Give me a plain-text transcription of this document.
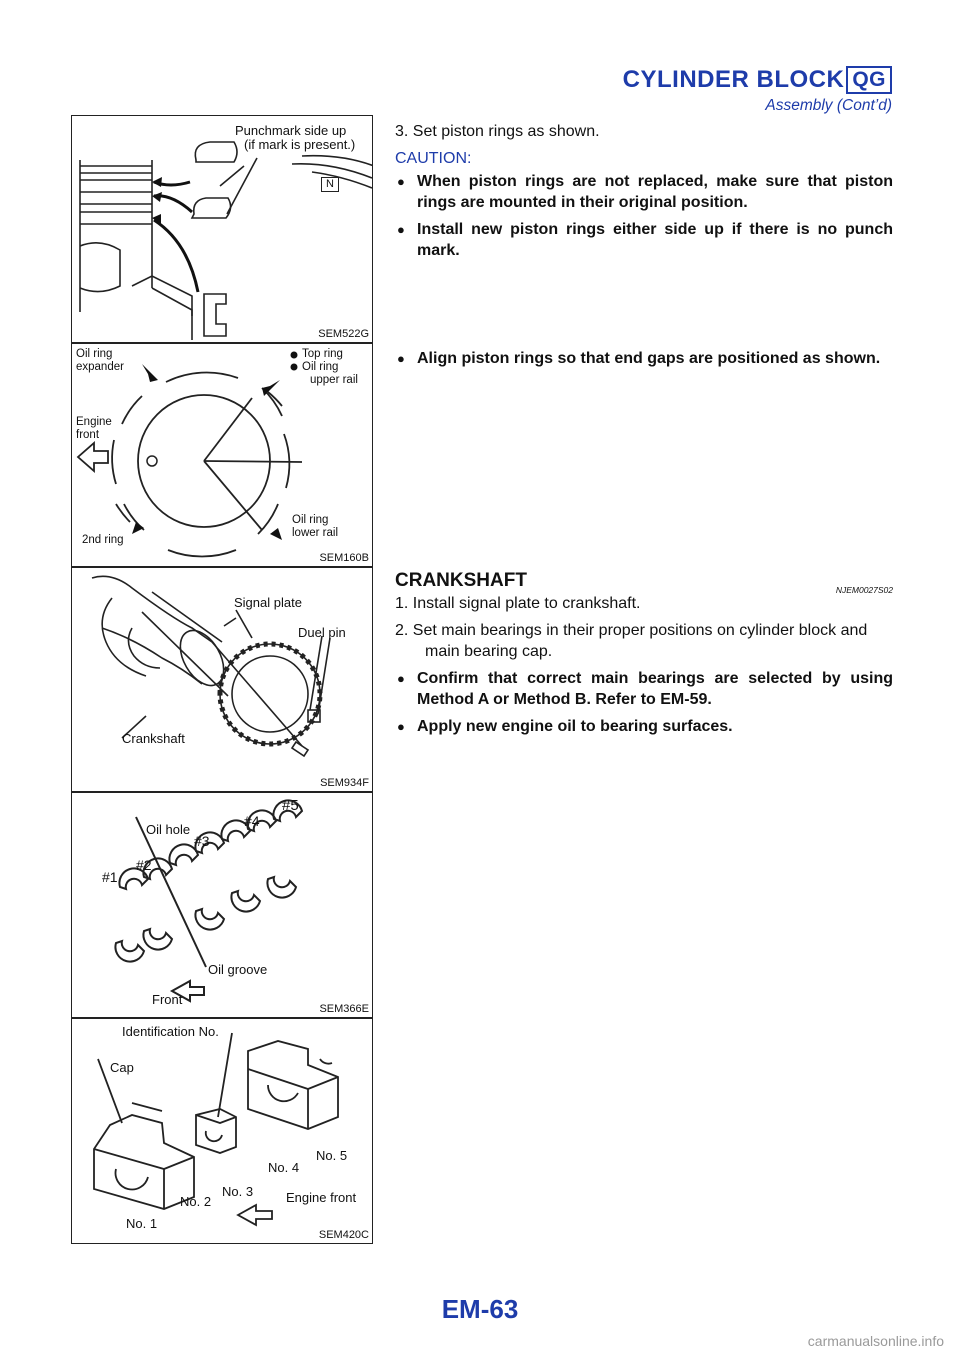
CYLINDER BLOCK QG
Assembly (Cont’d)
Punchmark side up
(if mark is present.)
N
SEM522G
Oil ring
expander
Top ring
Oil ring
upper rail
Engine
front
Oil ring
lower rail
2nd ring
SEM160B
Signal plate
Duel pin
Crankshaft
SEM934F
#5
#4
Oil hole
#3
#2
#1
Oil groove
Front
SEM366E
Identification No.
Cap
No. 5
No. 4
No. 3
No. 2	Engine front
No. 1
SEM420C

3. Set piston rings as shown.

CAUTION:
● When piston rings are not replaced, make sure that piston rings are mounted in their original position.
● Install new piston rings either side up if there is no punch mark.
● Align piston rings so that end gaps are positioned as shown.
CRANKSHAFT	NJEM0027S02

1. Install signal plate to crankshaft.

2. Set main bearings in their proper positions on cylinder block and main bearing cap.

● Confirm that correct main bearings are selected by using Method A or Method B. Refer to EM-59.
● Apply new engine oil to bearing surfaces.
EM-63
carmanualsonline.info
